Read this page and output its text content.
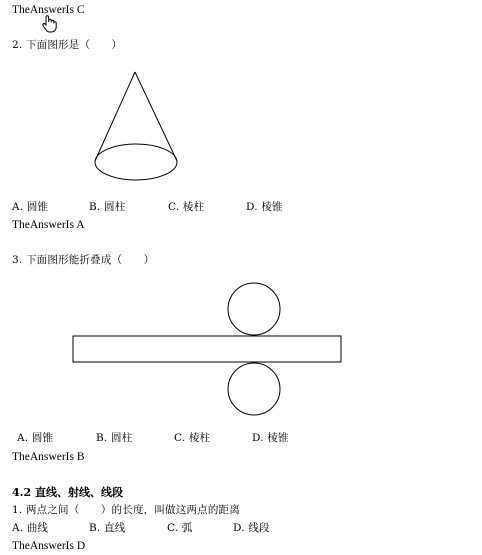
TheAnswerIs C
2. 下面图形是（　　）
A. 圆锥	B. 圆柱	C. 棱柱	D. 棱锥
TheAnswerIs A
3. 下面图形能折叠成（　　）
A. 圆锥	B. 圆柱	C. 棱柱	D. 棱锥
TheAnswerIs B
4.2 直线、射线、线段
1. 两点之间（　　）的长度，叫做这两点的距离
A. 曲线	B. 直线	C. 弧	D. 线段
TheAnswerIs D
